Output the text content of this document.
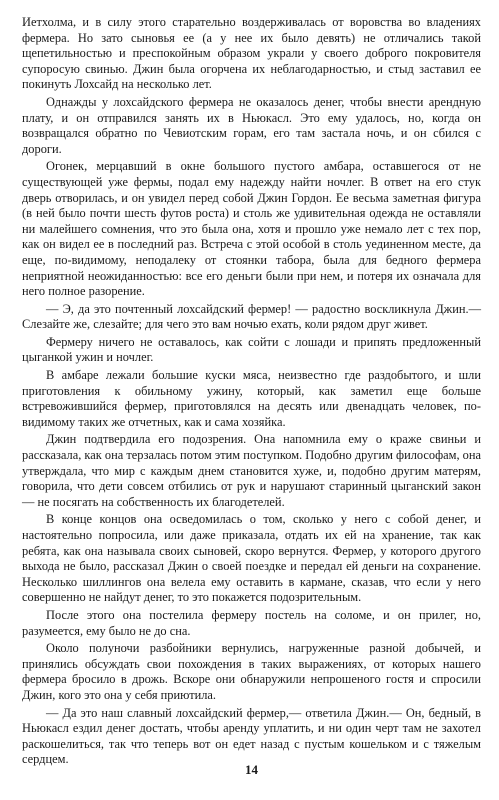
Иетхолма, и в силу этого старательно воздерживалась от воровства во владениях фермера. Но зато сыновья ее (а у нее их было девять) не отличались такой щепетильностью и преспокойным образом украли у своего доброго покровителя супоросую свинью. Джин была огорчена их неблагодарностью, и стыд заставил ее покинуть Лохсайд на несколько лет.

Однажды у лохсайдского фермера не оказалось денег, чтобы внести арендную плату, и он отправился занять их в Ньюкасл. Это ему удалось, но, когда он возвращался обратно по Чевиотским горам, его там застала ночь, и он сбился с дороги.

Огонек, мерцавший в окне большого пустого амбара, оставшегося от не существующей уже фермы, подал ему надежду найти ночлег. В ответ на его стук дверь отворилась, и он увидел перед собой Джин Гордон. Ее весьма заметная фигура (в ней было почти шесть футов роста) и столь же удивительная одежда не оставляли ни малейшего сомнения, что это была она, хотя и прошло уже немало лет с тех пор, как он видел ее в последний раз. Встреча с этой особой в столь уединенном месте, да еще, по-видимому, неподалеку от стоянки табора, была для бедного фермера неприятной неожиданностью: все его деньги были при нем, и потеря их означала для него полное разорение.

— Э, да это почтенный лохсайдский фермер! — радостно воскликнула Джин.— Слезайте же, слезайте; для чего это вам ночью ехать, коли рядом друг живет.

Фермеру ничего не оставалось, как сойти с лошади и припять предложенный цыганкой ужин и ночлег.

В амбаре лежали большие куски мяса, неизвестно где раздобытого, и шли приготовления к обильному ужину, который, как заметил еще больше встревожившийся фермер, приготовлялся на десять или двенадцать человек, по-видимому таких же отчетных, как и сама хозяйка.

Джин подтвердила его подозрения. Она напомнила ему о краже свиньи и рассказала, как она терзалась потом этим поступком. Подобно другим философам, она утверждала, что мир с каждым днем становится хуже, и, подобно другим матерям, говорила, что дети совсем отбились от рук и нарушают старинный цыганский закон — не посягать на собственность их благодетелей.

В конце концов она осведомилась о том, сколько у него с собой денег, и настоятельно попросила, или даже приказала, отдать их ей на хранение, так как ребята, как она называла своих сыновей, скоро вернутся. Фермер, у которого другого выхода не было, рассказал Джин о своей поездке и передал ей деньги на сохранение. Несколько шиллингов она велела ему оставить в кармане, сказав, что если у него совершенно не найдут денег, то это покажется подозрительным.

После этого она постелила фермеру постель на соломе, и он прилег, но, разумеется, ему было не до сна.

Около полуночи разбойники вернулись, нагруженные разной добычей, и принялись обсуждать свои похождения в таких выражениях, от которых нашего фермера бросило в дрожь. Вскоре они обнаружили непрошеного гостя и спросили Джин, кого это она у себя приютила.

— Да это наш славный лохсайдский фермер,— ответила Джин.— Он, бедный, в Ньюкасл ездил денег достать, чтобы аренду уплатить, и ни один черт там не захотел раскошелиться, так что теперь вот он едет назад с пустым кошельком и с тяжелым сердцем.

14
